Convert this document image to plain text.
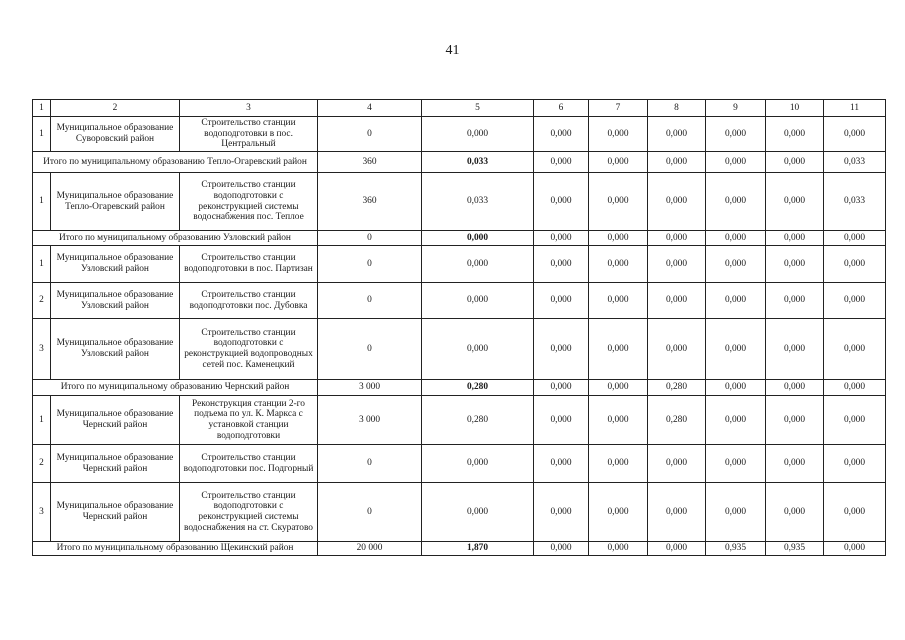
41
1	2	3	4	5	6	7	8	9	10	11
1	Муниципальное образование Суворовский район	Строительство станции водоподготовки в пос. Центральный	0	0,000	0,000	0,000	0,000	0,000	0,000	0,000
Итого по муниципальному образованию Тепло-Огаревский район			360	0,033	0,000	0,000	0,000	0,000	0,000	0,033
1	Муниципальное образование Тепло-Огаревский район	Строительство станции водоподготовки с реконструкцией системы водоснабжения пос. Теплое	360	0,033	0,000	0,000	0,000	0,000	0,000	0,033
Итого по муниципальному образованию Узловский район			0	0,000	0,000	0,000	0,000	0,000	0,000	0,000
1	Муниципальное образование Узловский район	Строительство станции водоподготовки в пос. Партизан	0	0,000	0,000	0,000	0,000	0,000	0,000	0,000
2	Муниципальное образование Узловский район	Строительство станции водоподготовки пос. Дубовка	0	0,000	0,000	0,000	0,000	0,000	0,000	0,000
3	Муниципальное образование Узловский район	Строительство станции водоподготовки с реконструкцией водопроводных сетей пос. Каменецкий	0	0,000	0,000	0,000	0,000	0,000	0,000	0,000
Итого по муниципальному образованию Чернский район			3 000	0,280	0,000	0,000	0,280	0,000	0,000	0,000
1	Муниципальное образование Чернский район	Реконструкция станции 2-го подъема по ул. К. Маркса с установкой станции водоподготовки	3 000	0,280	0,000	0,000	0,280	0,000	0,000	0,000
2	Муниципальное образование Чернский район	Строительство станции водоподготовки пос. Подгорный	0	0,000	0,000	0,000	0,000	0,000	0,000	0,000
3	Муниципальное образование Чернский район	Строительство станции водоподготовки с реконструкцией системы водоснабжения на ст. Скуратово	0	0,000	0,000	0,000	0,000	0,000	0,000	0,000
Итого по муниципальному образованию Щекинский район			20 000	1,870	0,000	0,000	0,000	0,935	0,935	0,000
